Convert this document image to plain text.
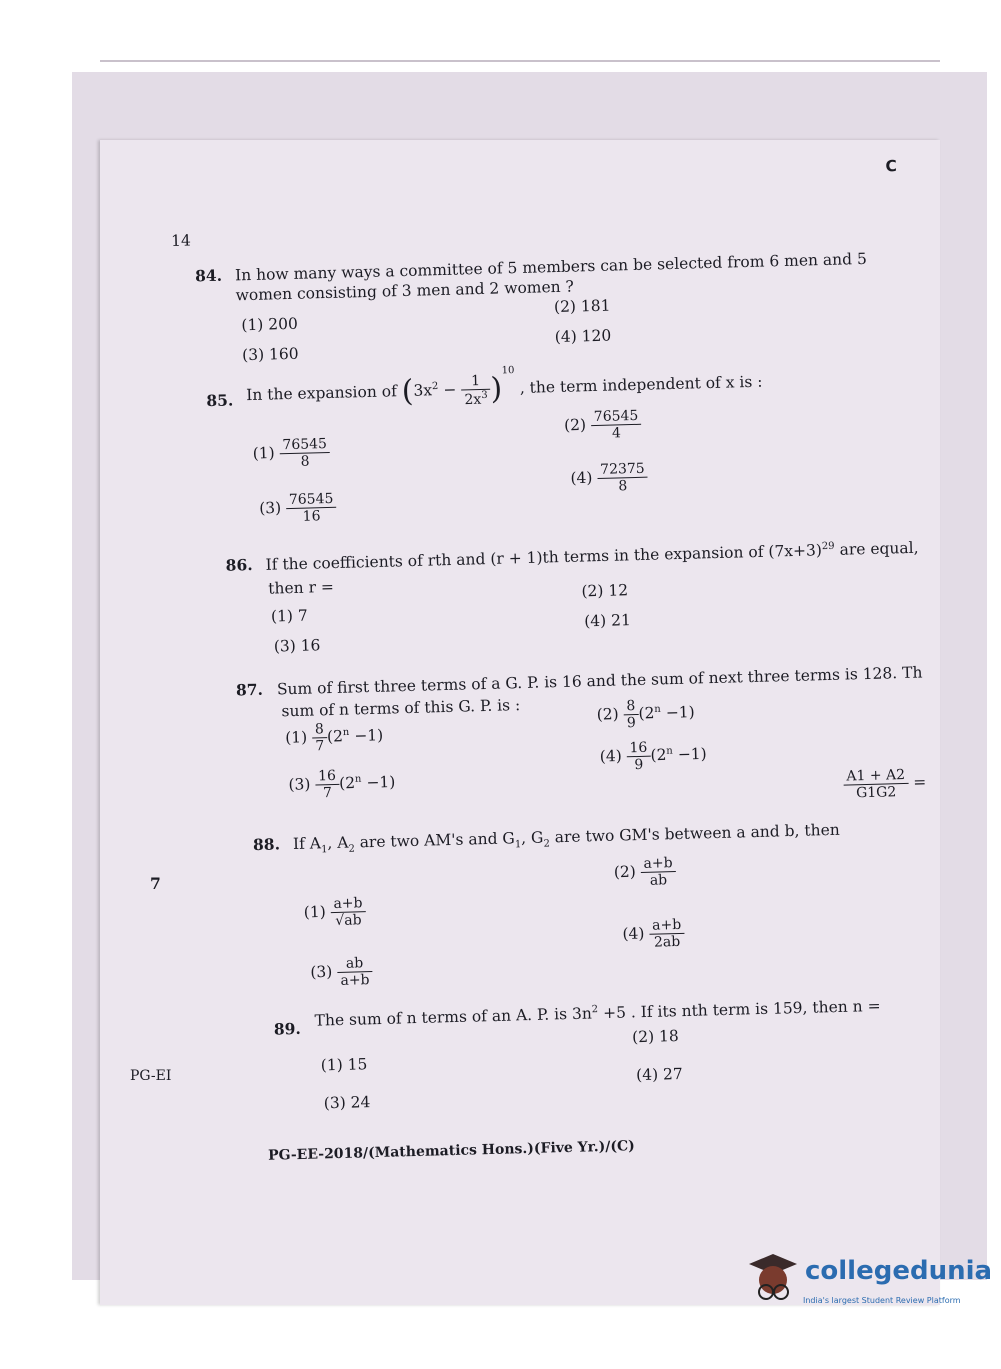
14
C
84. In how many ways a committee of 5 members can be selected from 6 men and 5
women consisting of 3 men and 2 women ?
(1) 200
(2) 181
(3) 160
(4) 120
85. In the expansion of $(3x^2 - \frac{1}{2x^3} )^{10}$ , the term independent of x is :
$(1) \frac{76545}{8}$
$(2) \frac{76545}{4}$
$(3) \frac{76545}{16}$
$(4) \frac{72375}{8}$
86. If the coefficients of rth and (r + 1)th terms in the expansion of $(7x+3)^{29}$ are equal,
then r =
(1) 7
(2) 12
(3) 16
(4) 21
87. Sum of first three terms of a G. P. is 16 and the sum of next three terms is 128. Th
sum of n terms of this G. P. is :
$(1) \frac{8}{7} (2^n -1)$
$(2) \frac{8}{9} (2^n -1)$
$(3) \frac{16}{7} (2^n -1)$
$(4) \frac{16}{9} (2^n -1)$
88. If $A_1$, $A_2$ are two AM's and $G_1$, $G_2$ are two GM's between a and b, then
$\frac{A1 + A2}{G1G2}$ =
$(1) \frac{a+b}{√ab}$
$(2) \frac{a+b}{ab}$
$(3) \frac{ab}{a+b}$
$(4) \frac{a+b}{2ab}$
89. The sum of n terms of an A. P. is $3n^2 +5$ . If its nth term is 159, then n =
(1) 15
(2) 18
(3) 24
(4) 27
PG-EE-2018/(Mathematics Hons.)(Five Yr.)/(C)
7
PG-EI
collegedunia
India's largest Student Review Platform
